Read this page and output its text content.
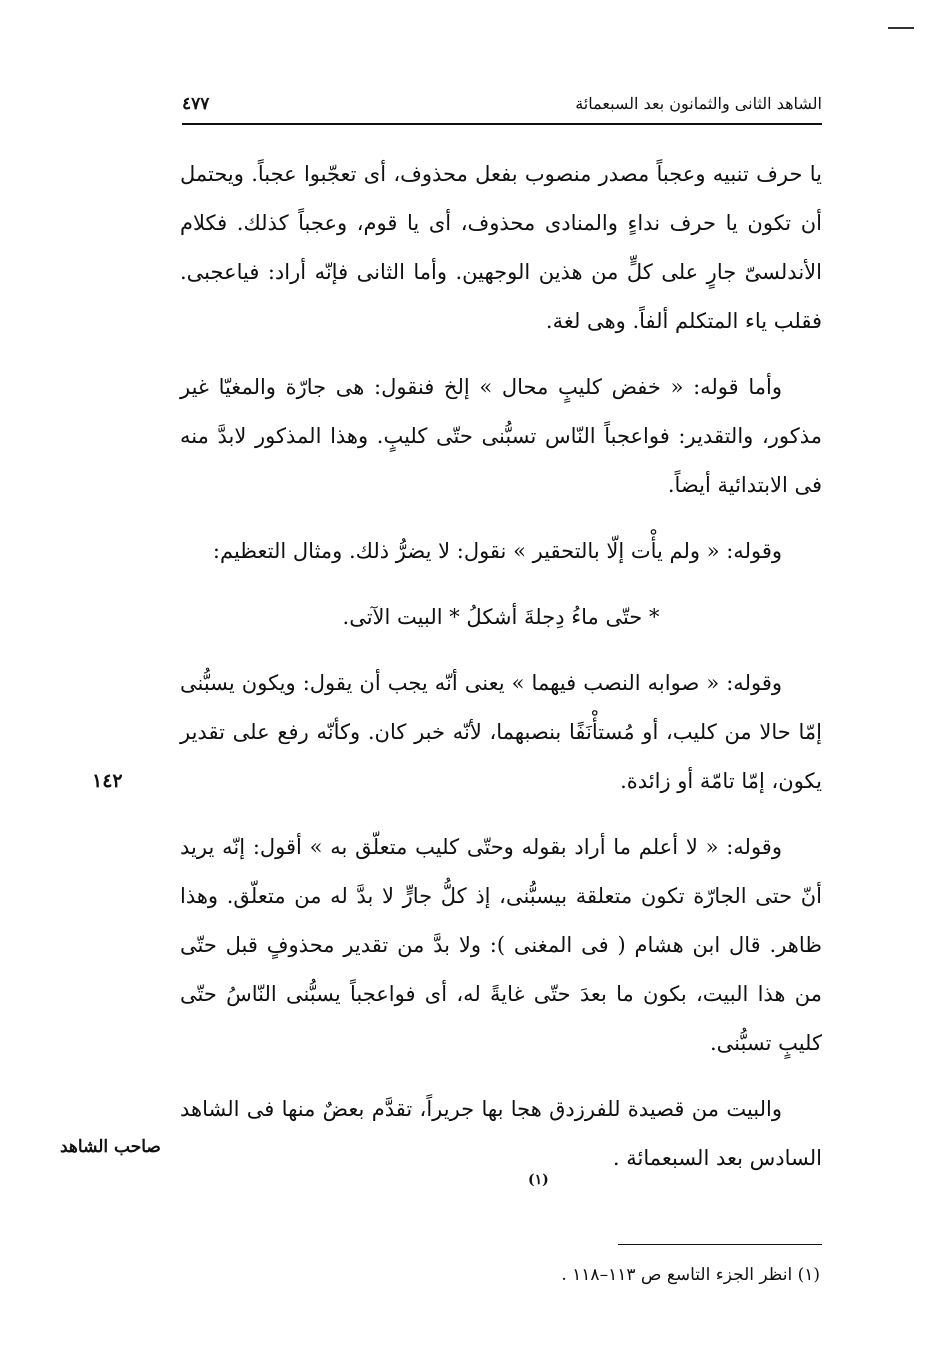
الشاهد الثانى والثمانون بعد السبعمائة
٤٧٧

يا حرف تنبيه وعجباً مصدر منصوب بفعل محذوف، أى تعجّبوا عجباً. ويحتمل أن تكون يا حرف نداءٍ والمنادى محذوف، أى يا قوم، وعجباً كذلك. فكلام الأندلسىّ جارٍ على كلٍّ من هذين الوجهين. وأما الثانى فإنّه أراد: فياعجبى. فقلب ياء المتكلم ألفاً. وهى لغة.

وأما قوله: « خفض كليبٍ محال » إلخ فنقول: هى جارّة والمغيّا غير مذكور، والتقدير: فواعجباً النّاس تسبُّنى حتّى كليبٍ. وهذا المذكور لابدَّ منه فى الابتدائية أيضاً.

وقوله: « ولم يأْت إلّا بالتحقير » نقول: لا يضرُّ ذلك. ومثال التعظيم:

* حتّى ماءُ دِجلةَ أشكلُ * البيت الآتى.

وقوله: « صوابه النصب فيهما » يعنى أنّه يجب أن يقول: ويكون يسبُّنى إمّا حالا من كليب، أو مُستأْنَفًا بنصبهما، لأنّه خبر كان. وكأنّه رفع على تقدير يكون، إمّا تامّة أو زائدة.

وقوله: « لا أعلم ما أراد بقوله وحتّى كليب متعلّق به » أقول: إنّه يريد أنّ حتى الجارّة تكون متعلقة بيسبُّنى، إذ كلُّ جارٍّ لا بدَّ له من متعلّق. وهذا ظاهر. قال ابن هشام ( فى المغنى ): ولا بدَّ من تقدير محذوفٍ قبل حتّى من هذا البيت، بكون ما بعدَ حتّى غايةً له، أى فواعجباً يسبُّنى النّاسُ حتّى كليبٍ تسبُّنى.

والبيت من قصيدة للفرزدق هجا بها جريراً، تقدَّم بعضٌ منها فى الشاهد السادس بعد السبعمائة .

(١)
١٤٢
صاحب الشاهد
(١) انظر الجزء التاسع ص ١١٣–١١٨ .
